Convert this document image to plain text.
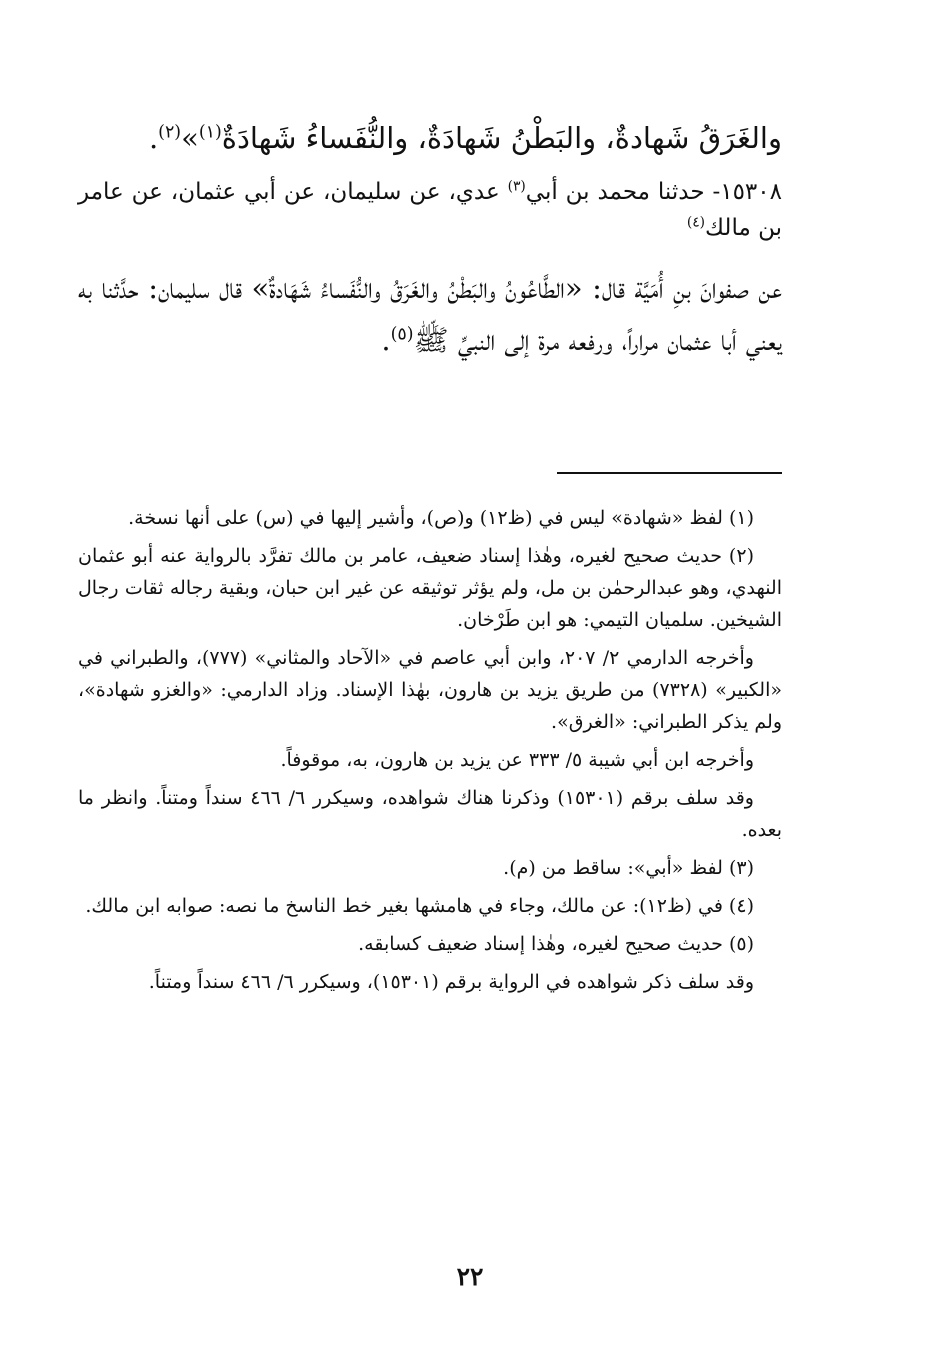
والغَرَقُ شَهادةٌ، والبَطْنُ شَهادَةٌ، والنُّفَساءُ شَهادَةٌ$^{(١)}$»$^{(٢)}$.

١٥٣٠٨- حدثنا محمد بن أبي$^{(٣)}$ عدي، عن سليمان، عن أبي عثمان، عن عامر بن مالك$^{(٤)}$

عن صفوانَ بنِ أُمَيَّة قال: «الطَّاعُونُ والبَطْنُ والغَرَقُ والنُّفَساءُ شَهَادةٌ» قال سليمان: حدَّثنا به يعني أبا عثمان مراراً، ورفعه مرة إلى النبيِّ ﷺ$^{(٥)}$.

(١) لفظ «شهادة» ليس في (ظ١٢) و(ص)، وأشير إليها في (س) على أنها نسخة.

(٢) حديث صحيح لغيره، وهٰذا إسناد ضعيف، عامر بن مالك تفرَّد بالرواية عنه أبو عثمان النهدي، وهو عبدالرحمٰن بن مل، ولم يؤثر توثيقه عن غير ابن حبان، وبقية رجاله ثقات رجال الشيخين. سلميان التيمي: هو ابن طَرْخان.

وأخرجه الدارمي ٢/ ٢٠٧، وابن أبي عاصم في «الآحاد والمثاني» (٧٧٧)، والطبراني في «الكبير» (٧٣٢٨) من طريق يزيد بن هارون، بهٰذا الإسناد. وزاد الدارمي: «والغزو شهادة»، ولم يذكر الطبراني: «الغرق».

وأخرجه ابن أبي شيبة ٥/ ٣٣٣ عن يزيد بن هارون، به، موقوفاً.

وقد سلف برقم (١٥٣٠١) وذكرنا هناك شواهده، وسيكرر ٦/ ٤٦٦ سنداً ومتناً. وانظر ما بعده.

(٣) لفظ «أبي»: ساقط من (م).

(٤) في (ظ١٢): عن مالك، وجاء في هامشها بغير خط الناسخ ما نصه: صوابه ابن مالك.

(٥) حديث صحيح لغيره، وهٰذا إسناد ضعيف كسابقه.

وقد سلف ذكر شواهده في الرواية برقم (١٥٣٠١)، وسيكرر ٦/ ٤٦٦ سنداً ومتناً.

٢٢
